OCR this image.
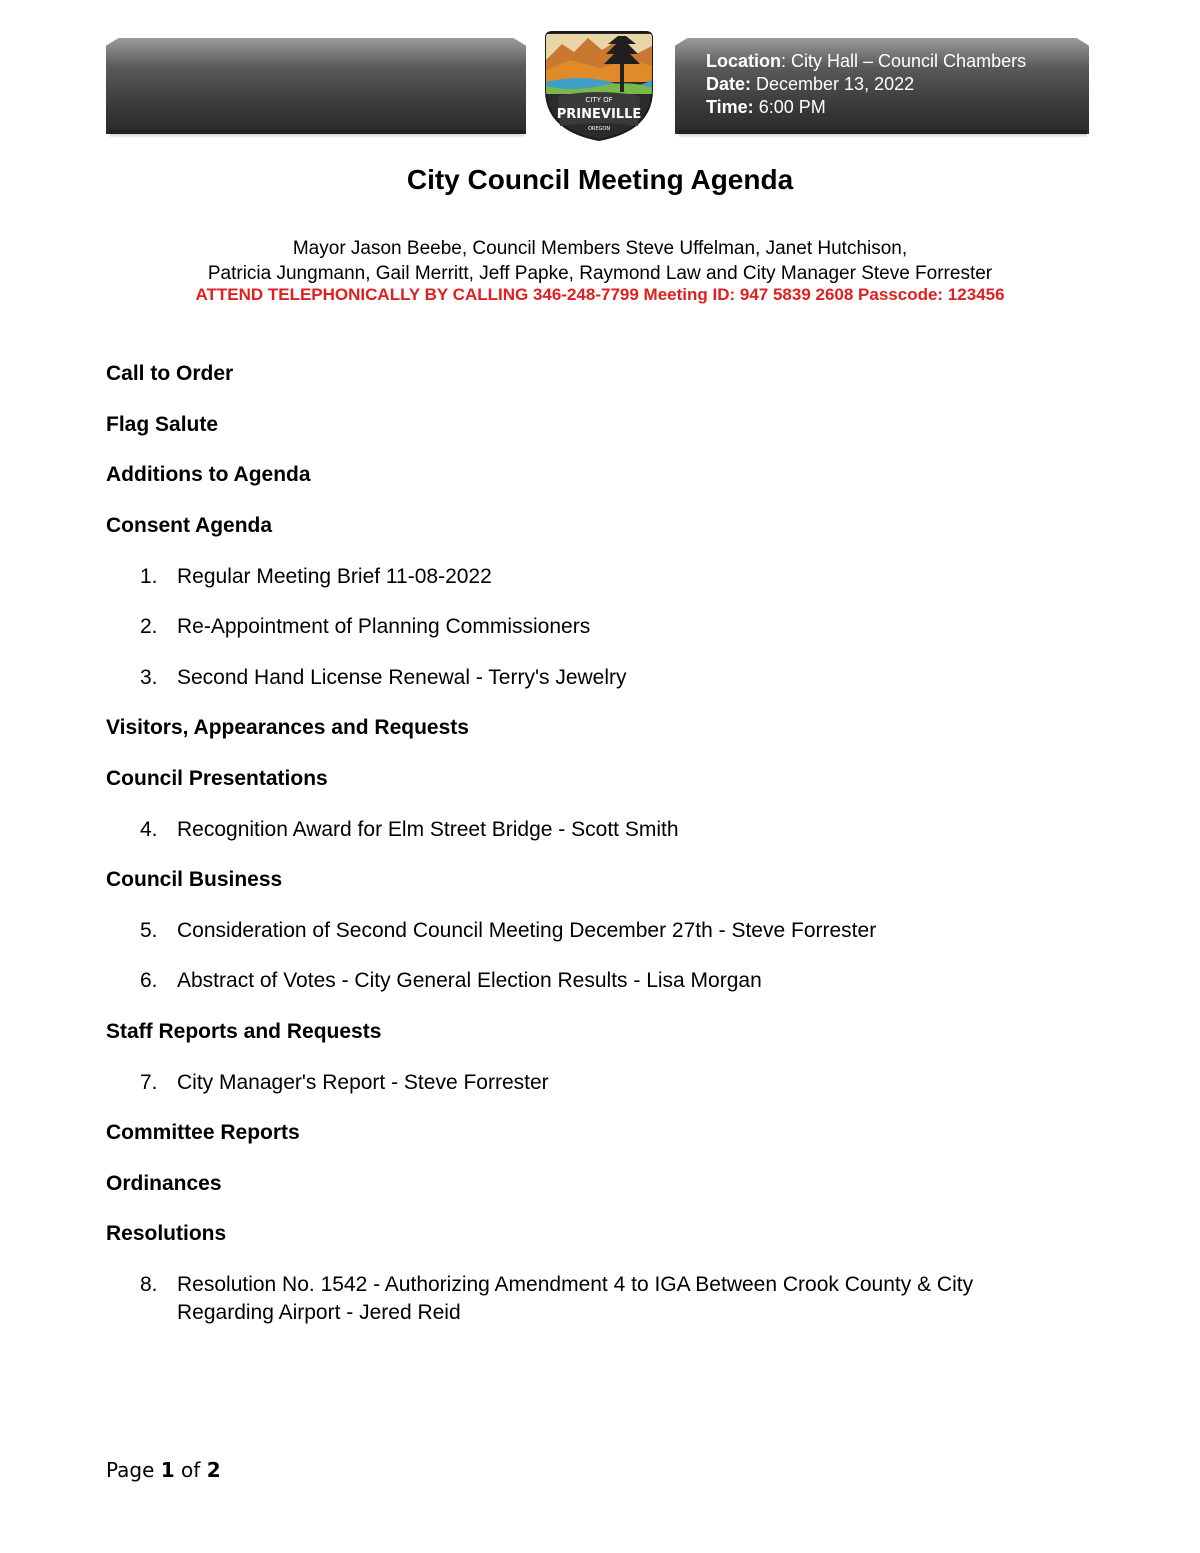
Location: City Hall – Council Chambers
Date: December 13, 2022
Time: 6:00 PM
CITY OF
PRINEVILLE
OREGON
City Council Meeting Agenda
Mayor Jason Beebe, Council Members Steve Uffelman, Janet Hutchison,
Patricia Jungmann, Gail Merritt, Jeff Papke, Raymond Law and City Manager Steve Forrester
ATTEND TELEPHONICALLY BY CALLING 346-248-7799 Meeting ID: 947 5839 2608 Passcode: 123456
Call to Order
Flag Salute
Additions to Agenda
Consent Agenda
1. Regular Meeting Brief 11-08-2022
2. Re-Appointment of Planning Commissioners
3. Second Hand License Renewal - Terry's Jewelry
Visitors, Appearances and Requests
Council Presentations
4. Recognition Award for Elm Street Bridge - Scott Smith
Council Business
5. Consideration of Second Council Meeting December 27th - Steve Forrester
6. Abstract of Votes - City General Election Results - Lisa Morgan
Staff Reports and Requests
7. City Manager's Report - Steve Forrester
Committee Reports
Ordinances
Resolutions
8. Resolution No. 1542 - Authorizing Amendment 4 to IGA Between Crook County & City
Regarding Airport - Jered Reid
Page 1 of 2
